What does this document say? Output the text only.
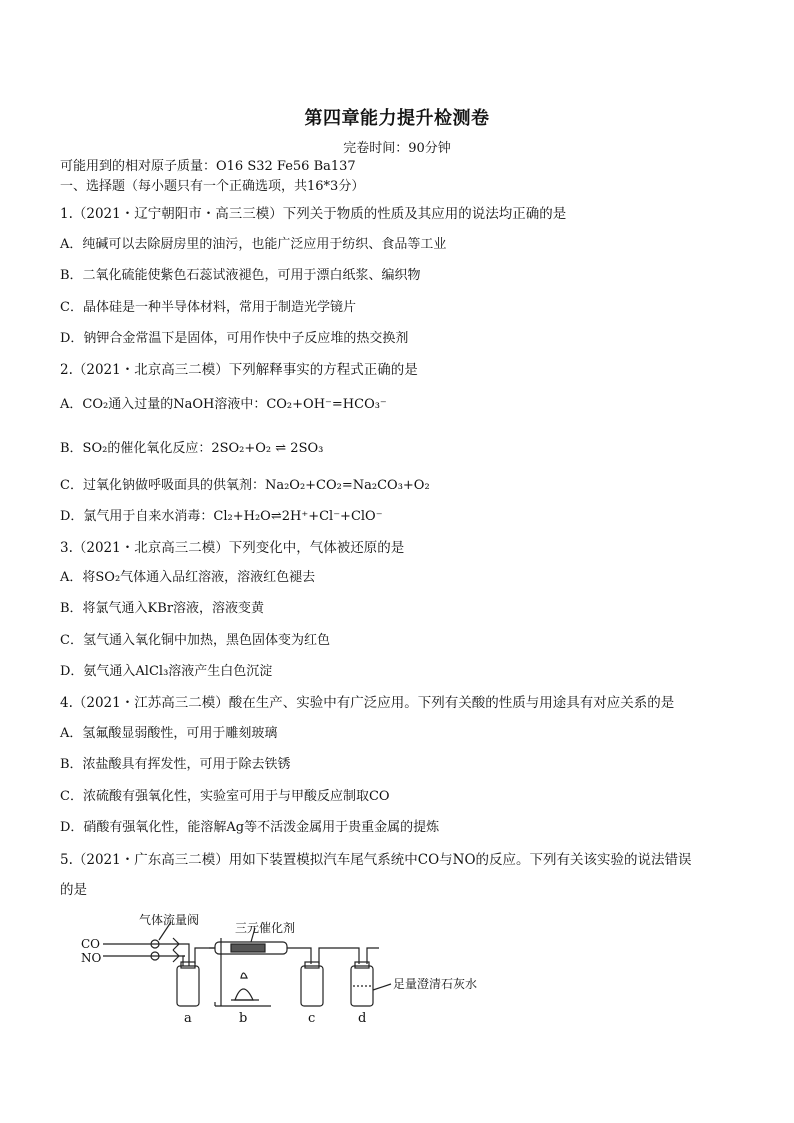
第四章能力提升检测卷
完卷时间：90分钟
可能用到的相对原子质量：O16 S32 Fe56 Ba137
一、选择题（每小题只有一个正确选项，共16*3分）
1.（2021・辽宁朝阳市・高三三模）下列关于物质的性质及其应用的说法均正确的是
A．纯碱可以去除厨房里的油污，也能广泛应用于纺织、食品等工业
B．二氧化硫能使紫色石蕊试液褪色，可用于漂白纸浆、编织物
C．晶体硅是一种半导体材料，常用于制造光学镜片
D．钠钾合金常温下是固体，可用作快中子反应堆的热交换剂
2.（2021・北京高三二模）下列解释事实的方程式正确的是
A．CO₂通入过量的NaOH溶液中：CO₂+OH⁻=HCO₃⁻
B．SO₂的催化氧化反应：2SO₂+O₂ ⇌ 2SO₃
C．过氧化钠做呼吸面具的供氧剂：Na₂O₂+CO₂=Na₂CO₃+O₂
D．氯气用于自来水消毒：Cl₂+H₂O⇌2H⁺+Cl⁻+ClO⁻
3.（2021・北京高三二模）下列变化中，气体被还原的是
A．将SO₂气体通入品红溶液，溶液红色褪去
B．将氯气通入KBr溶液，溶液变黄
C．氢气通入氧化铜中加热，黑色固体变为红色
D．氨气通入AlCl₃溶液产生白色沉淀
4.（2021・江苏高三二模）酸在生产、实验中有广泛应用。下列有关酸的性质与用途具有对应关系的是
A．氢氟酸显弱酸性，可用于雕刻玻璃
B．浓盐酸具有挥发性，可用于除去铁锈
C．浓硫酸有强氧化性，实验室可用于与甲酸反应制取CO
D．硝酸有强氧化性，能溶解Ag等不活泼金属用于贵重金属的提炼
5.（2021・广东高三二模）用如下装置模拟汽车尾气系统中CO与NO的反应。下列有关该实验的说法错误
的是
气体流量阀
三元催化剂
CO
NO
足量澄清石灰水
a	b	c	d
